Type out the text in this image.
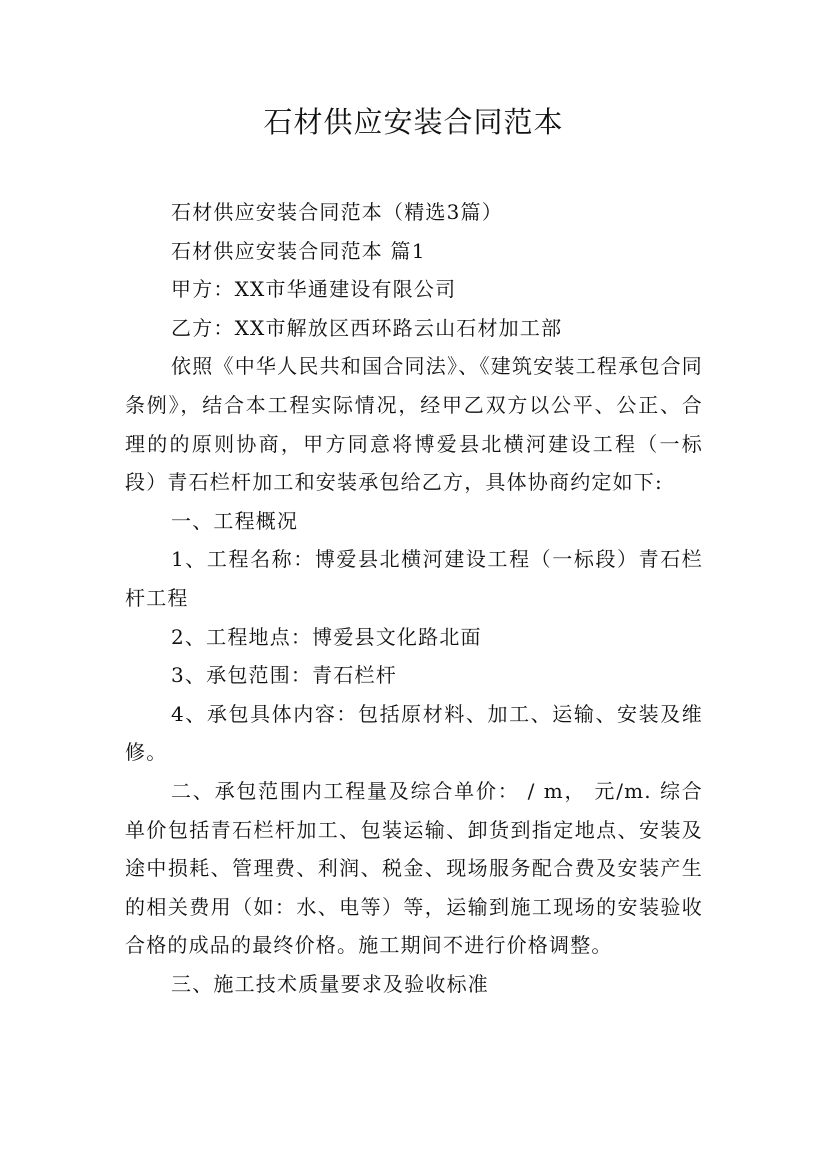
石材供应安装合同范本

石材供应安装合同范本（精选3篇）

石材供应安装合同范本 篇1

甲方：XX市华通建设有限公司

乙方：XX市解放区西环路云山石材加工部

依照《中华人民共和国合同法》、《建筑安装工程承包合同条例》，结合本工程实际情况，经甲乙双方以公平、公正、合理的的原则协商，甲方同意将博爱县北横河建设工程（一标段）青石栏杆加工和安装承包给乙方，具体协商约定如下:

一、工程概况

1、工程名称：博爱县北横河建设工程（一标段）青石栏杆工程

2、工程地点：博爱县文化路北面

3、承包范围：青石栏杆

4、承包具体内容：包括原材料、加工、运输、安装及维修。

二、承包范围内工程量及综合单价： / m， 元/m. 综合单价包括青石栏杆加工、包装运输、卸货到指定地点、安装及途中损耗、管理费、利润、税金、现场服务配合费及安装产生的相关费用（如：水、电等）等，运输到施工现场的安装验收合格的成品的最终价格。施工期间不进行价格调整。

三、施工技术质量要求及验收标准
